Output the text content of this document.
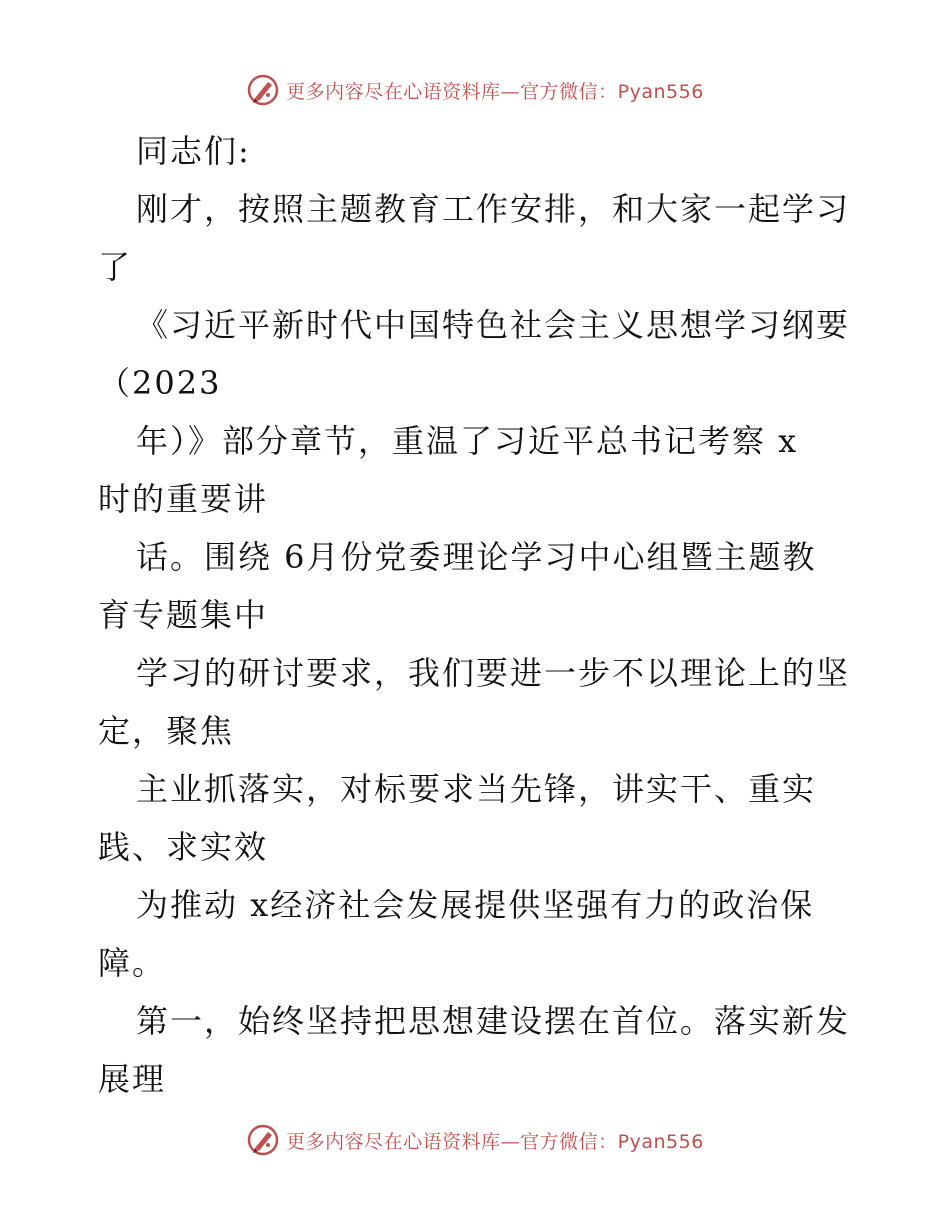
更多内容尽在心语资料库—官方微信：Pyan556
同志们:
刚才，按照主题教育工作安排，和大家一起学习
了
《习近平新时代中国特色社会主义思想学习纲要
（2023
年）》部分章节，重温了习近平总书记考察 x
时的重要讲
话。围绕 6月份党委理论学习中心组暨主题教
育专题集中
学习的研讨要求，我们要进一步不以理论上的坚
定，聚焦
主业抓落实，对标要求当先锋，讲实干、重实
践、求实效
为推动 x经济社会发展提供坚强有力的政治保
障。
第一，始终坚持把思想建设摆在首位。落实新发
展理
更多内容尽在心语资料库—官方微信：Pyan556
